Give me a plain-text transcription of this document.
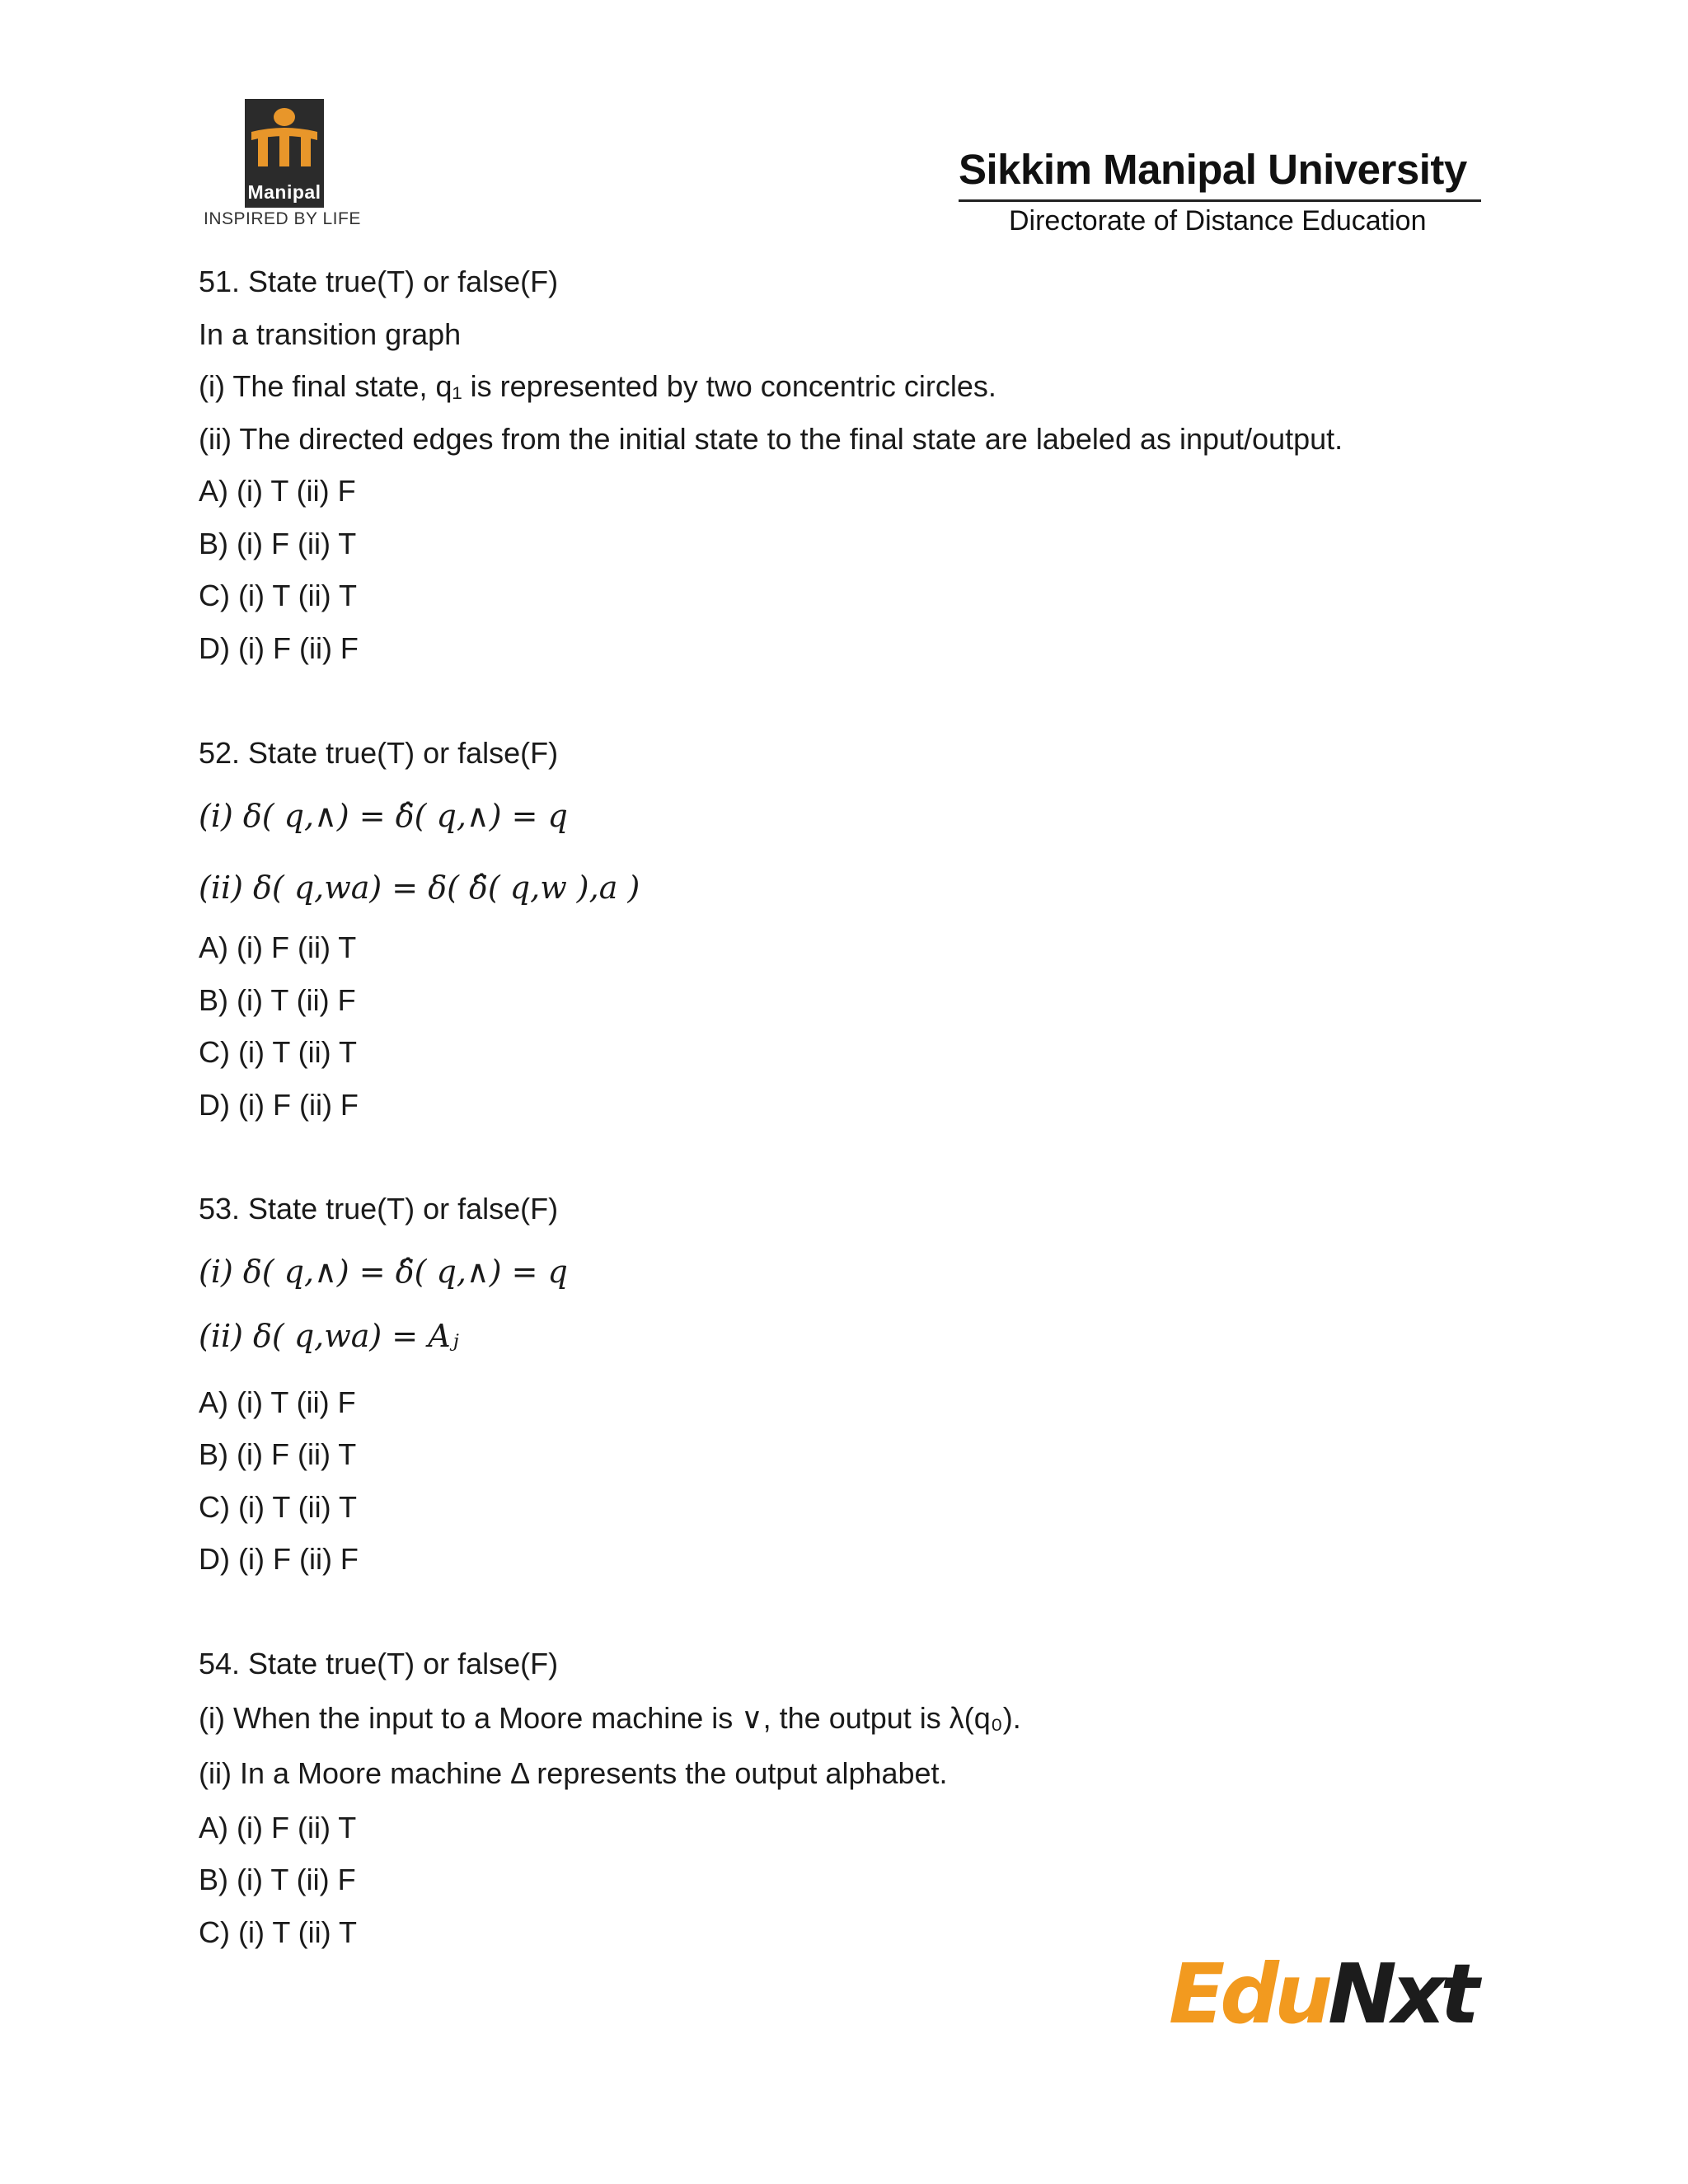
Manipal
INSPIRED BY LIFE
Sikkim Manipal University
Directorate of Distance Education
51. State true(T) or false(F)
In a transition graph
(i) The final state, q₁ is represented by two concentric circles.
(ii) The directed edges from the initial state to the final state are labeled as input/output.
A) (i) T (ii) F
B) (i) F (ii) T
C) (i) T (ii) T
D) (i) F (ii) F
52. State true(T) or false(F)
(i) δ( q,∧) = δ̂( q,∧) = q
(ii) δ( q,wa) = δ( δ̂( q,w ),a )
A) (i) F (ii) T
B) (i) T (ii) F
C) (i) T (ii) T
D) (i) F (ii) F
53. State true(T) or false(F)
(i) δ( q,∧) = δ̂( q,∧) = q
(ii) δ( q,wa) = Aⱼ
A) (i) T (ii) F
B) (i) F (ii) T
C) (i) T (ii) T
D) (i) F (ii) F
54. State true(T) or false(F)
(i) When the input to a Moore machine is ∨, the output is λ(q₀).
(ii) In a Moore machine Δ represents the output alphabet.
A) (i) F (ii) T
B) (i) T (ii) F
C) (i) T (ii) T
EduNxt
